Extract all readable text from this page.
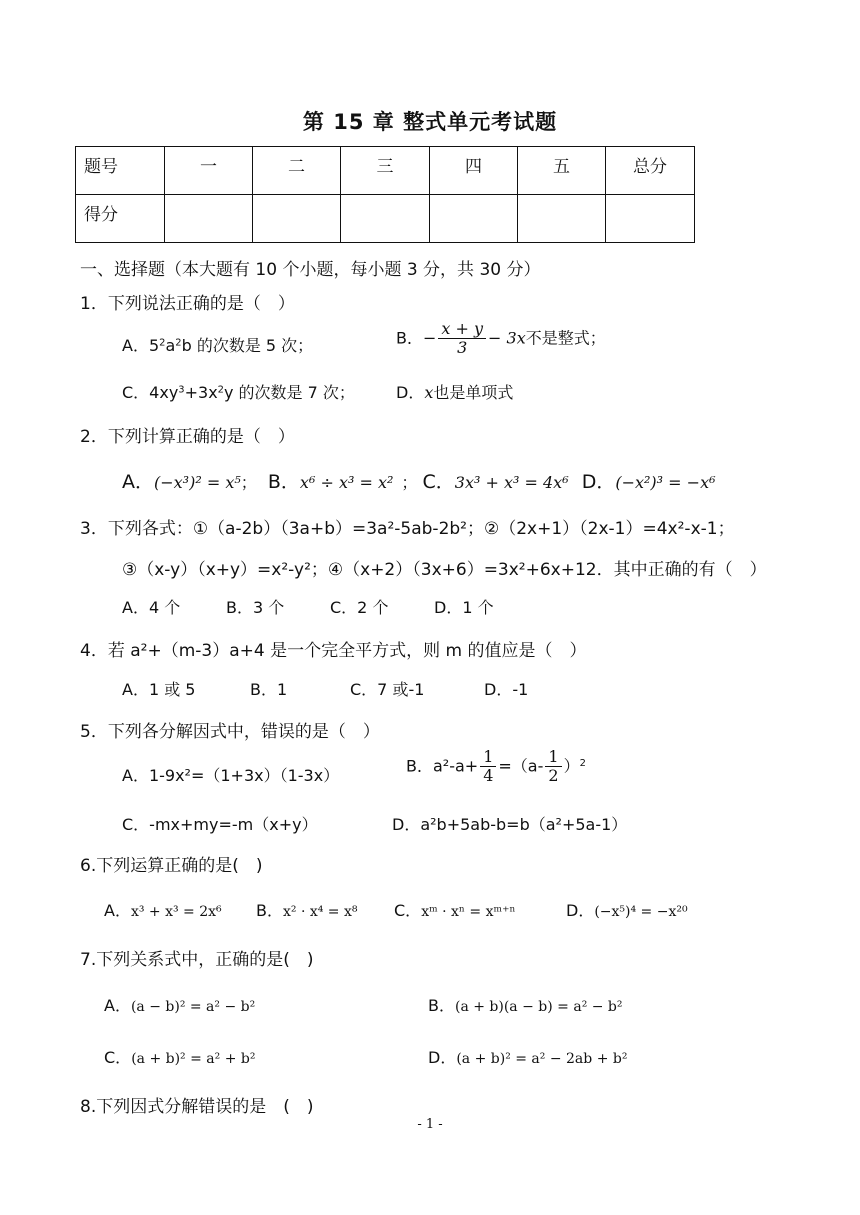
第 15 章 整式单元考试题
题号	一	二	三	四	五	总分
得分						
一、选择题（本大题有 10 个小题，每小题 3 分，共 30 分）
1．下列说法正确的是（　）
A．$5^2a^2b$ 的次数是 5 次；	B．− $\frac{x + y}{3} - 3x$不是整式；
C．$4xy^3+3x^2y$ 的次数是 7 次；	D．x也是单项式
2．下列计算正确的是（　）
A．(−x³)² = x⁵； B．x⁶ ÷ x³ = x² ； C．3x³ + x³ = 4x⁶ D．(−x²)³ = −x⁶
3．下列各式：①（a-2b）（3a+b）=3a²-5ab-2b²；②（2x+1）（2x-1）=4x²-x-1；
③（x-y）（x+y）=x²-y²；④（x+2）（3x+6）=3x²+6x+12．其中正确的有（　）
A．4 个	B．3 个	C．2 个	D．1 个
4．若 a²+（m-3）a+4 是一个完全平方式，则 m 的值应是（　）
A．1 或 5	B．1	C．7 或-1	D．-1
5．下列各分解因式中，错误的是（　）
A．1-9x²=（1+3x）（1-3x）
B．$a^2-a+ \frac{1}{4} =(a- \frac{1}{2} )^2$
C．-mx+my=-m（x+y）	D．a²b+5ab-b=b（a²+5a-1）
6.下列运算正确的是(　)
A．x³ + x³ = 2x⁶ B．x² · x⁴ = x⁸ C．xᵐ · xⁿ = xᵐ⁺ⁿ	D．(−x⁵)⁴ = −x²⁰
7.下列关系式中，正确的是(　)
A．(a − b)² = a² − b²	B．(a + b)(a − b) = a² − b²
C．(a + b)² = a² + b²	D．(a + b)² = a² − 2ab + b²
8.下列因式分解错误的是　(　)
- 1 -
